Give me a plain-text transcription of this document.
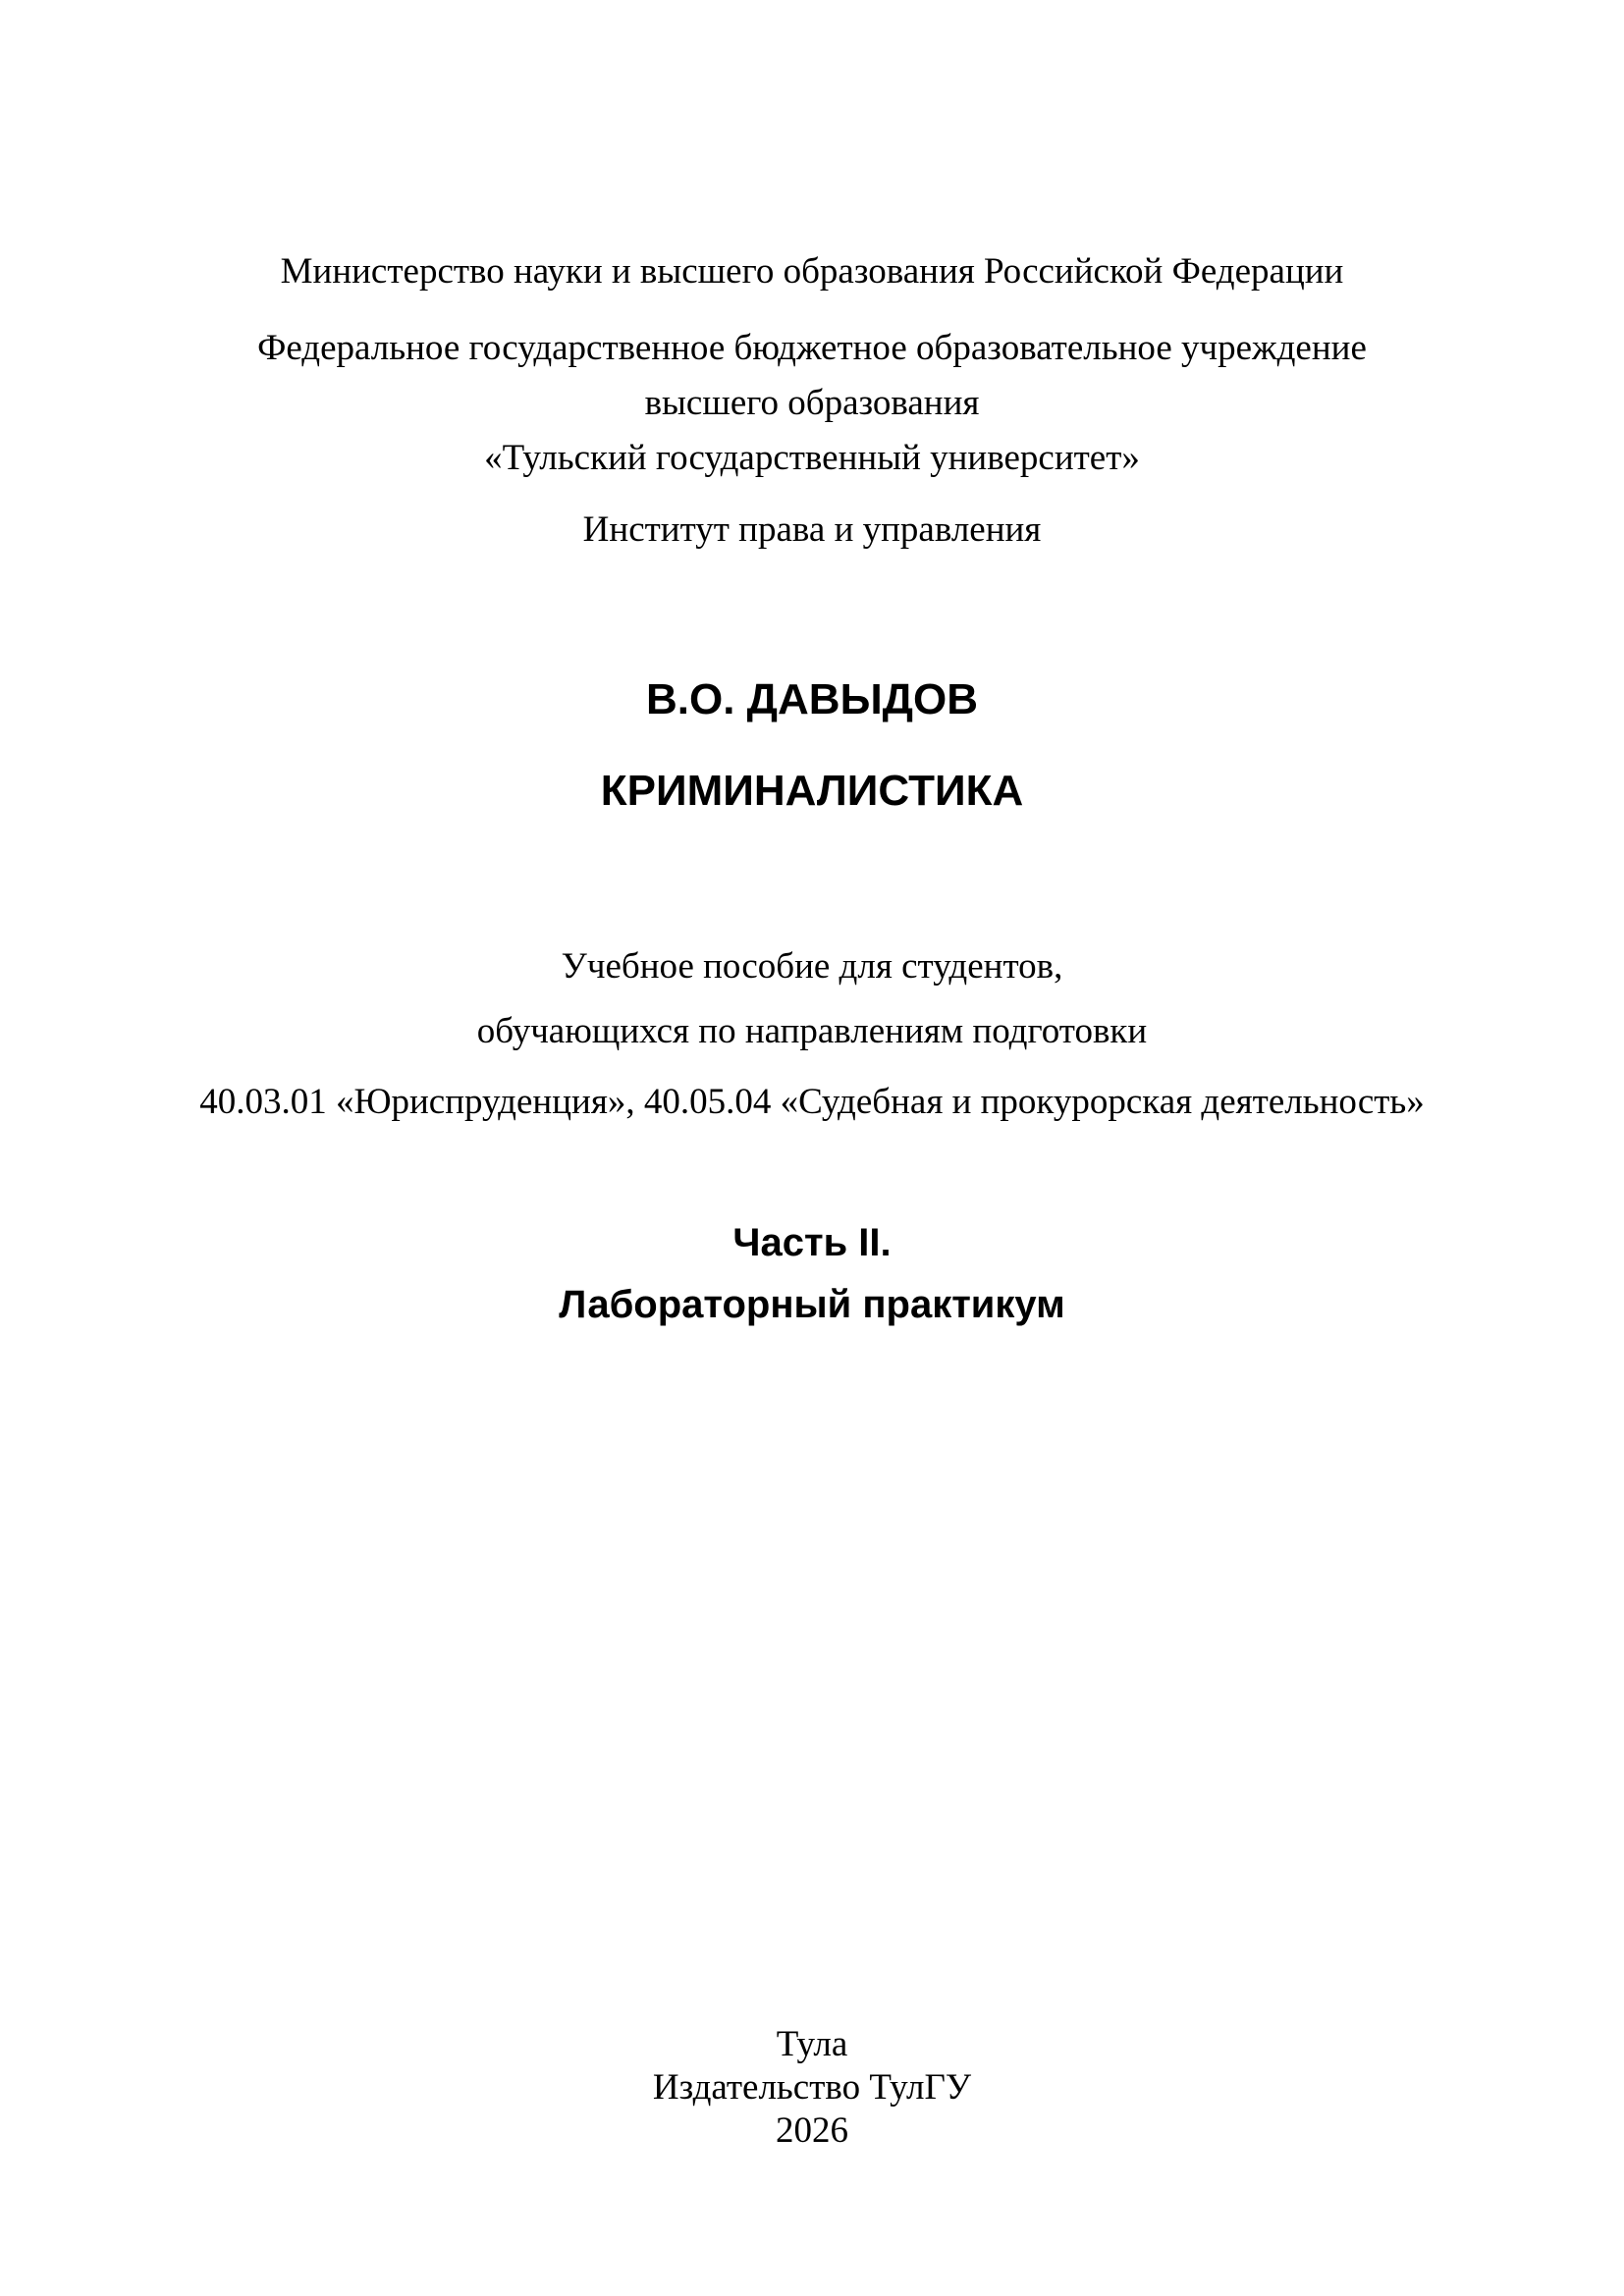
Министерство науки и высшего образования Российской Федерации
Федеральное государственное бюджетное образовательное учреждение
высшего образования
«Тульский государственный университет»
Институт права и управления
В.О. ДАВЫДОВ
КРИМИНАЛИСТИКА
Учебное пособие для студентов,
обучающихся по направлениям подготовки
40.03.01 «Юриспруденция», 40.05.04 «Судебная и прокурорская деятельность»
Часть II.
Лабораторный практикум
Тула
Издательство ТулГУ
2026
